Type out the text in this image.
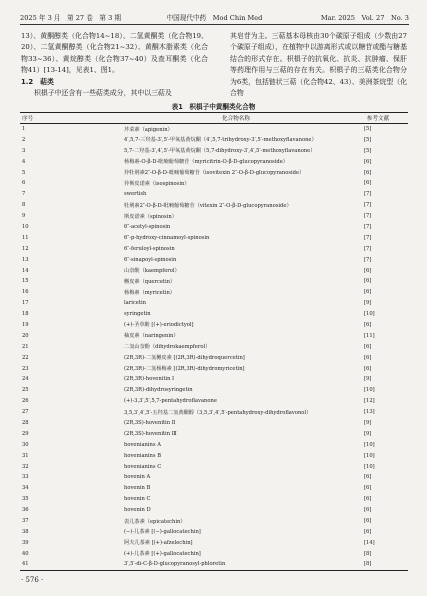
2025 年 3 月　第 27 卷　第 3 期	中国现代中药　Mod Chin Med	Mar. 2025　Vol. 27　No. 3

13）、黄酮醇类（化合物14~18）、二氢黄酮类（化合物19、20）、二氢黄酮醇类（化合物21~32）、黄酮木脂素类（化合物33~36）、黄烷醇类（化合物37~40）及查耳酮类（化合物41）[13-14]，见表1、图1。

1.2　萜类

枳椇子中还含有一些萜类成分，其中以三萜及

其皂苷为主。三萜基本母核由30个碳原子组成（少数由27个碳原子组成），在植物中以游离形式或以糖苷或酯与糖基结合的形式存在。枳椇子的抗氧化、抗炎、抗肿瘤、保肝等药理作用与三萜的存在有关。枳椇子的三萜类化合物分为6类，包括链状三萜（化合物42、43）、美洲茶烷型（化合物

表1　枳椇子中黄酮类化合物
序号	化合物名称	参考文献
1	芹菜素（apigenin）	[5]
2	4′,5,7-三羟基-3′,5′-甲氧基黄烷酮（4′,5,7-trihydroxy-3′,5′-methoxyflavanone）	[5]
3	5,7-二羟基-3′,4′,5′-甲氧基黄烷酮（5,7-dihydroxy-3′,4′,5′-methoxyflavanone）	[5]
4	杨梅素-O-β-D-吡喃葡萄糖苷（myricitrin-O-β-D-glucopyranoside）	[6]
5	异牡荆素2″-O-β-D-吡喃葡萄糖苷（isovitexin 2″-O-β-D-glucopyranoside）	[6]
6	异斯皮诺素（isospinosin）	[6]
7	swertish	[7]
8	牡荆素2″-O-β-D-吡喃葡萄糖苷（vitexin 2″-O-β-D-glucopyranoside）	[7]
9	斯皮诺素（spinosin）	[7]
10	6″-acetyl-spinosin	[7]
11	6″-p-hydroxy-cinnamoyl-spinosin	[7]
12	6″-feruloyl-spinosin	[7]
13	6″-sinapoyl-spinosin	[7]
14	山奈酚（kaempferol）	[6]
15	槲皮素（quercetin）	[6]
16	杨梅素（myricetin）	[6]
17	laricetin	[9]
18	syringetin	[10]
19	(+)-圣草酚 [(+)-eriodictyol]	[6]
20	柚皮素（naringenin）	[11]
21	二氢山奈酚（dihydrokaempferol）	[6]
22	(2R,3R)-二氢槲皮素 [(2R,3R)-dihydroquercetin]	[6]
23	(2R,3R)-二氢杨梅素 [(2R,3R)-dihydromyricetin]	[6]
24	(2R,3R)-hovenitin Ⅰ	[9]
25	(2R,3R)-dihydrosyringetin	[10]
26	(+)-3,3′,5′,5,7-pentahydroflavanone	[12]
27	3,5,3′,4′,5′-五羟基二氢黄酮醇（3,5,3′,4′,5′-pentahydroxy-dihydroflavonol）	[13]
28	(2R,3S)-hovenitin Ⅱ	[9]
29	(2R,3S)-hovenitin Ⅲ	[9]
30	hovenianins A	[10]
31	hovenianins B	[10]
32	hovenianins C	[10]
33	hovenin A	[6]
34	hovenin B	[6]
35	hovenin C	[6]
36	hovenin D	[6]
37	表儿茶素（epicatechin）	[6]
38	(−)-儿茶素 [(−)-gallocatechin]	[6]
39	阿夫儿茶素 [(+)-afzelechin]	[14]
40	(+)-儿茶素 [(+)-gallocatechin]	[8]
41	3′,5′-di-C-β-D-glucopyranosyl-phloretin	[8]
· 576 ·
